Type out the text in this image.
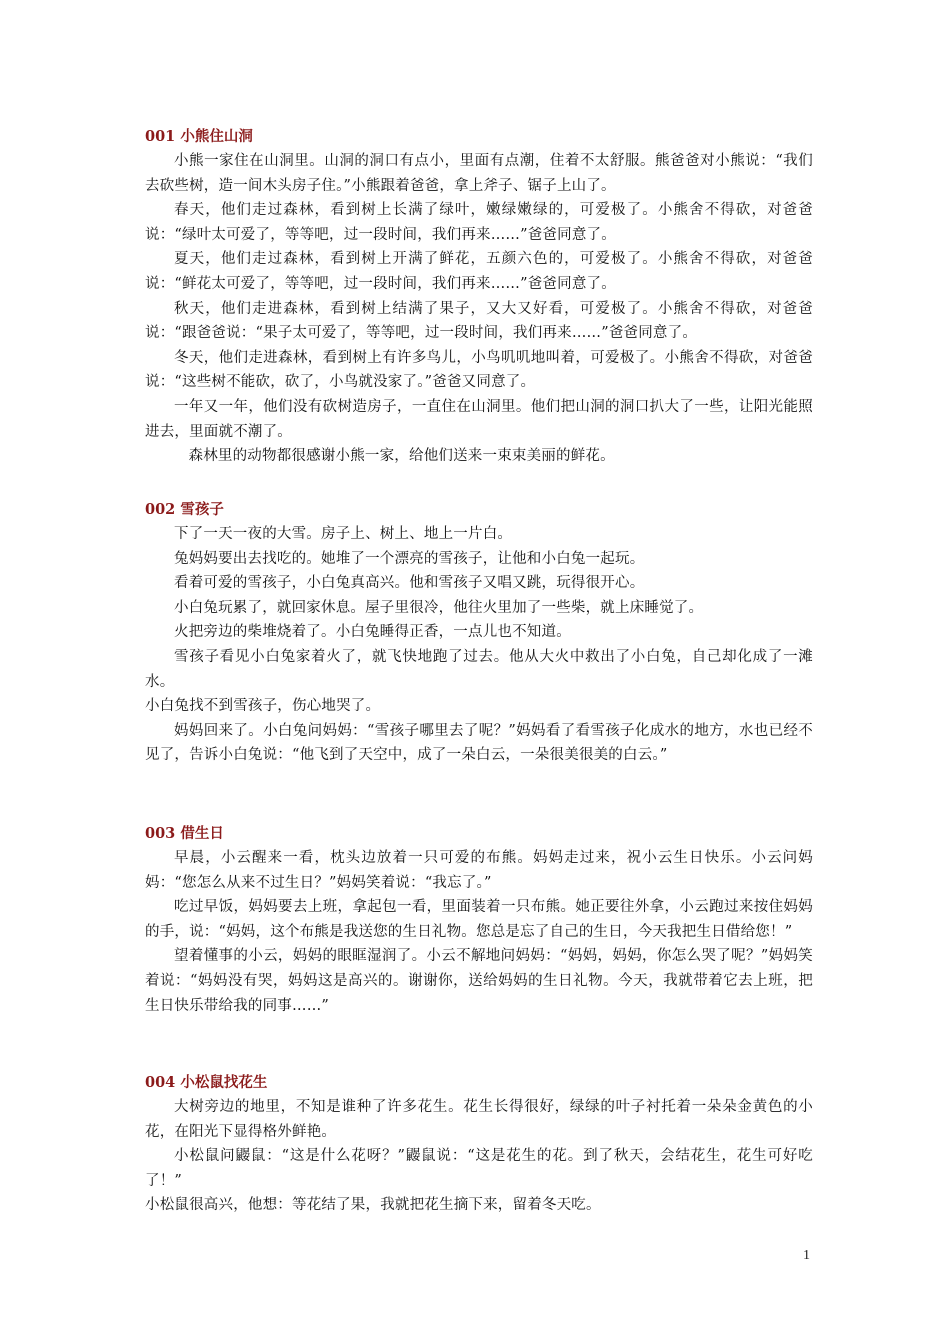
001 小熊住山洞

小熊一家住在山洞里。山洞的洞口有点小，里面有点潮，住着不太舒服。熊爸爸对小熊说：“我们去砍些树，造一间木头房子住。”小熊跟着爸爸，拿上斧子、锯子上山了。

春天，他们走过森林，看到树上长满了绿叶，嫩绿嫩绿的，可爱极了。小熊舍不得砍，对爸爸说：“绿叶太可爱了，等等吧，过一段时间，我们再来……”爸爸同意了。

夏天，他们走过森林，看到树上开满了鲜花，五颜六色的，可爱极了。小熊舍不得砍，对爸爸说：“鲜花太可爱了，等等吧，过一段时间，我们再来……”爸爸同意了。

秋天，他们走进森林，看到树上结满了果子，又大又好看，可爱极了。小熊舍不得砍，对爸爸说：“跟爸爸说：“果子太可爱了，等等吧，过一段时间，我们再来……”爸爸同意了。

冬天，他们走进森林，看到树上有许多鸟儿，小鸟叽叽地叫着，可爱极了。小熊舍不得砍，对爸爸说：“这些树不能砍，砍了，小鸟就没家了。”爸爸又同意了。

一年又一年，他们没有砍树造房子，一直住在山洞里。他们把山洞的洞口扒大了一些，让阳光能照进去，里面就不潮了。

森林里的动物都很感谢小熊一家，给他们送来一束束美丽的鲜花。

002 雪孩子

下了一天一夜的大雪。房子上、树上、地上一片白。

兔妈妈要出去找吃的。她堆了一个漂亮的雪孩子，让他和小白兔一起玩。

看着可爱的雪孩子，小白兔真高兴。他和雪孩子又唱又跳，玩得很开心。

小白兔玩累了，就回家休息。屋子里很冷，他往火里加了一些柴，就上床睡觉了。

火把旁边的柴堆烧着了。小白兔睡得正香，一点儿也不知道。

雪孩子看见小白兔家着火了，就飞快地跑了过去。他从大火中救出了小白兔，自己却化成了一滩水。

小白兔找不到雪孩子，伤心地哭了。

妈妈回来了。小白兔问妈妈：“雪孩子哪里去了呢？”妈妈看了看雪孩子化成水的地方，水也已经不见了，告诉小白兔说：“他飞到了天空中，成了一朵白云，一朵很美很美的白云。”

003 借生日

早晨，小云醒来一看，枕头边放着一只可爱的布熊。妈妈走过来，祝小云生日快乐。小云问妈妈：“您怎么从来不过生日？”妈妈笑着说：“我忘了。”

吃过早饭，妈妈要去上班，拿起包一看，里面装着一只布熊。她正要往外拿，小云跑过来按住妈妈的手，说：“妈妈，这个布熊是我送您的生日礼物。您总是忘了自己的生日，今天我把生日借给您！”

望着懂事的小云，妈妈的眼眶湿润了。小云不解地问妈妈：“妈妈，妈妈，你怎么哭了呢？”妈妈笑着说：“妈妈没有哭，妈妈这是高兴的。谢谢你，送给妈妈的生日礼物。今天，我就带着它去上班，把生日快乐带给我的同事……”

004 小松鼠找花生

大树旁边的地里，不知是谁种了许多花生。花生长得很好，绿绿的叶子衬托着一朵朵金黄色的小花，在阳光下显得格外鲜艳。

小松鼠问鼹鼠：“这是什么花呀？”鼹鼠说：“这是花生的花。到了秋天，会结花生，花生可好吃了！”

小松鼠很高兴，他想：等花结了果，我就把花生摘下来，留着冬天吃。

1
